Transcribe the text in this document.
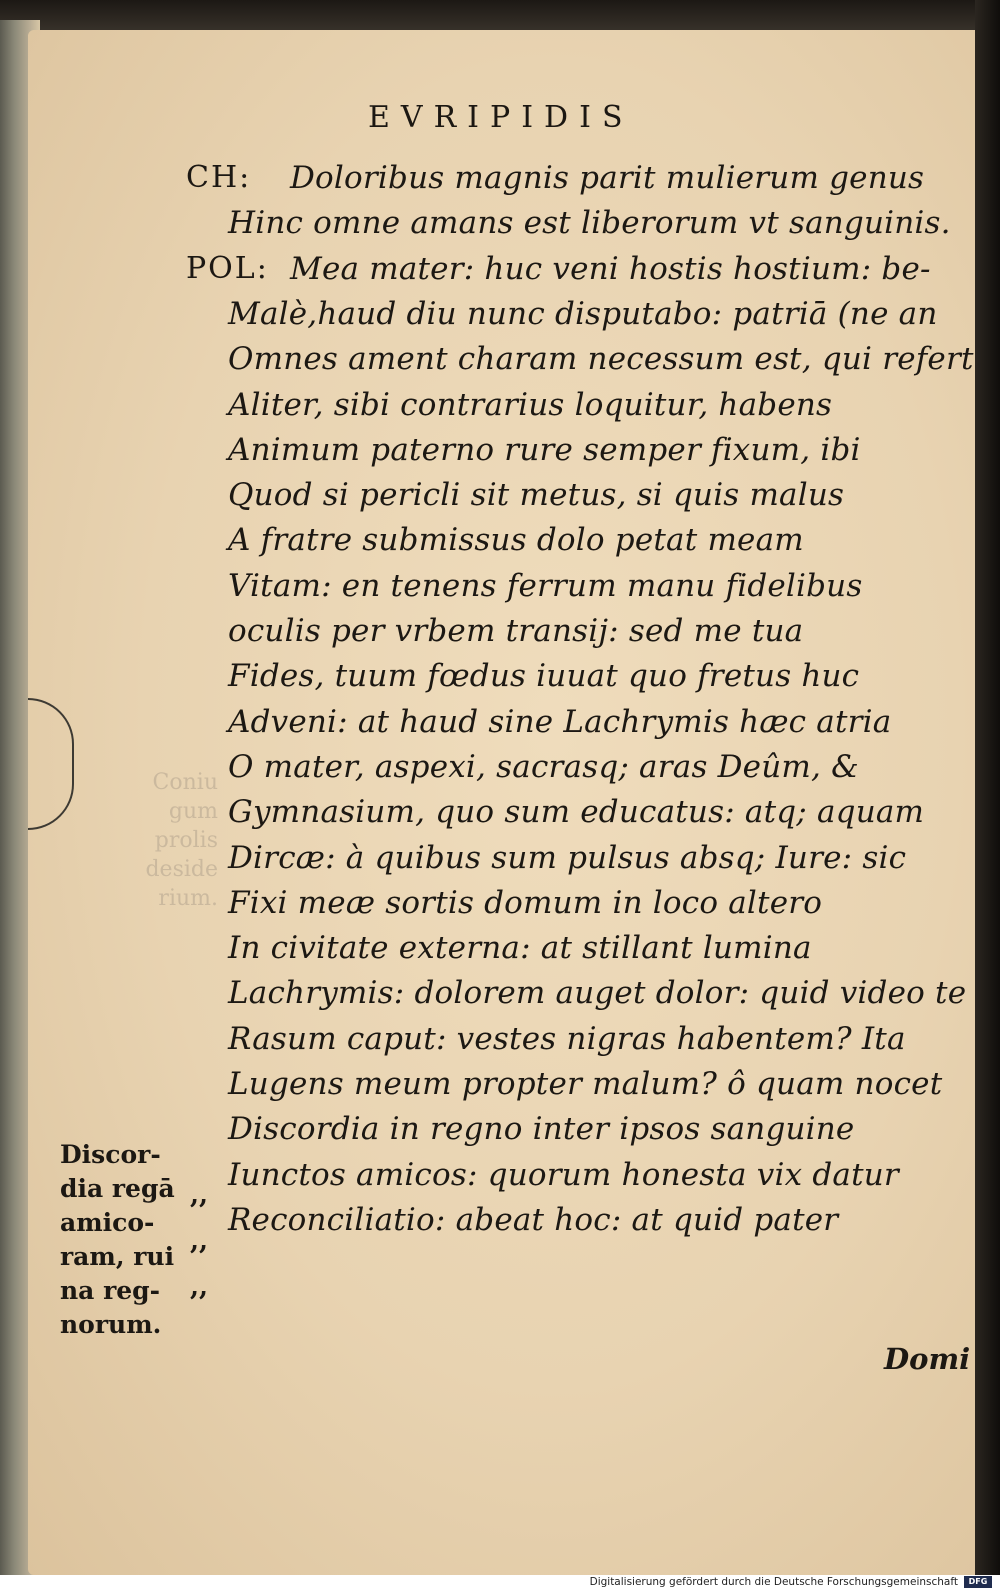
EVRIPIDIS
CH: Doloribus magnis parit mulierum genus
Hinc omne amans est liberorum vt sanguinis.
POL: Mea mater: huc veni hostis hostium: be-
Malè,haud diu nunc disputabo: patriā (ne an
Omnes ament charam necessum est, qui refert
Aliter, sibi contrarius loquitur, habens
Animum paterno rure semper fixum, ibi
Quod si pericli sit metus, si quis malus
A fratre submissus dolo petat meam
Vitam: en tenens ferrum manu fidelibus
oculis per vrbem transij: sed me tua
Fides, tuum fœdus iuuat quo fretus huc
Adveni: at haud sine Lachrymis hæc atria
O mater, aspexi, sacrasq; aras Deûm, &
Gymnasium, quo sum educatus: atq; aquam
Dircæ: à quibus sum pulsus absq; Iure: sic
Fixi meæ sortis domum in loco altero
In civitate externa: at stillant lumina
Lachrymis: dolorem auget dolor: quid video te
Rasum caput: vestes nigras habentem? Ita
Lugens meum propter malum? ô quam nocet
Discordia in regno inter ipsos sanguine
Iunctos amicos: quorum honesta vix datur
Reconciliatio: abeat hoc: at quid pater
Coniu
gum
prolis
deside
rium.
Discor-
dia regā
amico-
ram, rui
na reg-
norum.
Domi
,,
,,
,,
Digitalisierung gefördert durch die Deutsche Forschungsgemeinschaft	DFG
